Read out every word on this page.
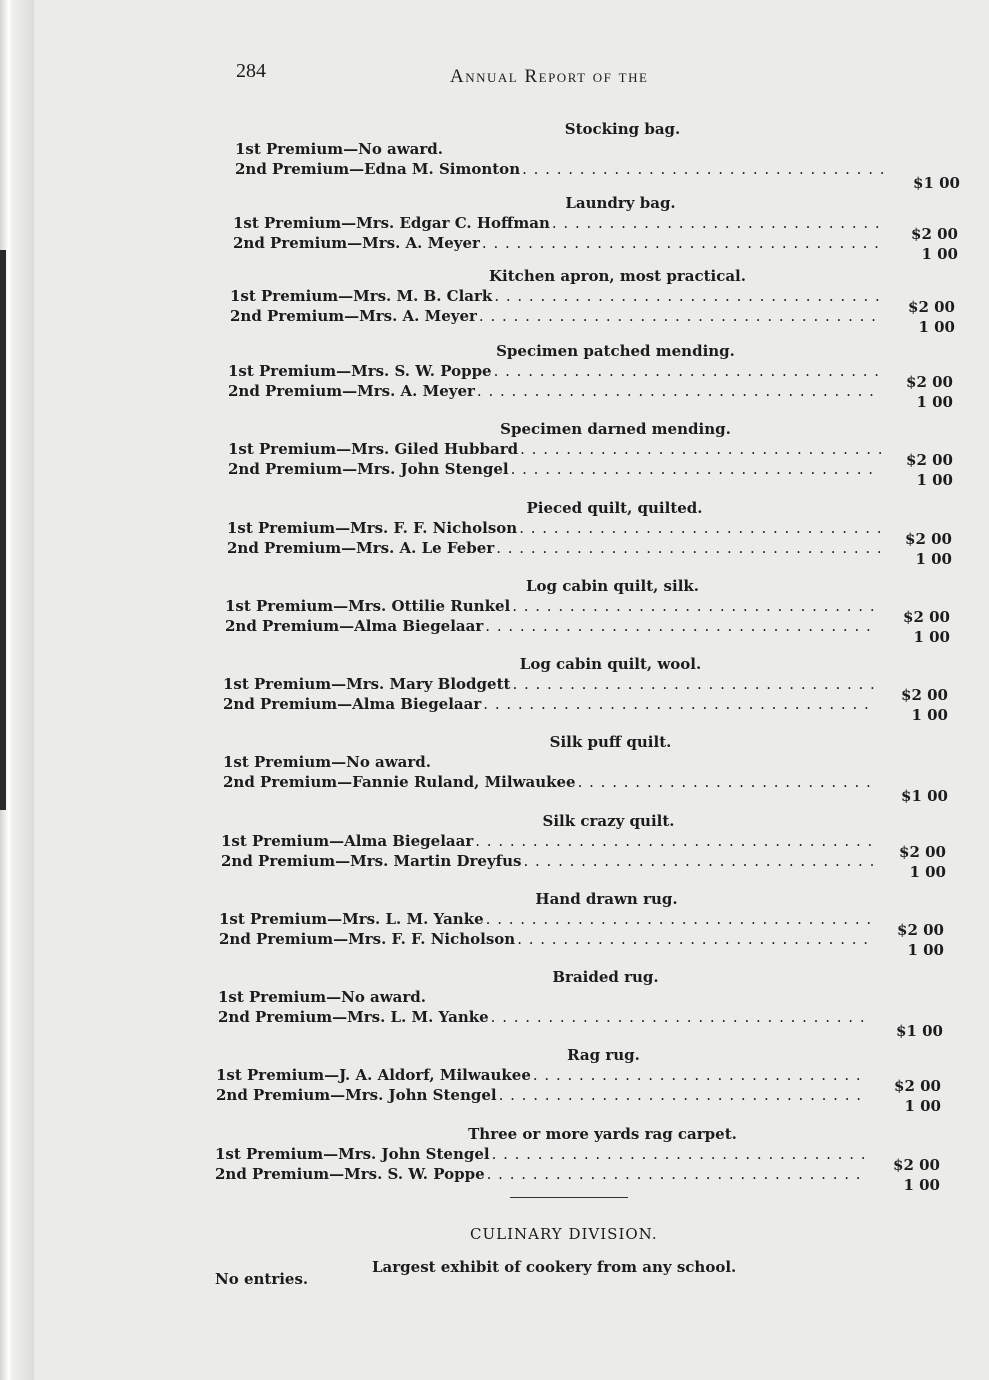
284	Annual Report of the
Stocking bag.
1st Premium—No award.
2nd Premium—Edna M. Simonton
. . .
$1 00
Laundry bag.
1st Premium—Mrs. Edgar C. Hoffman
. . .
$2 00
2nd Premium—Mrs. A. Meyer
. . .
1 00
Kitchen apron, most practical.
1st Premium—Mrs. M. B. Clark
. . .
$2 00
2nd Premium—Mrs. A. Meyer
. . .
1 00
Specimen patched mending.
1st Premium—Mrs. S. W. Poppe
. . .
$2 00
2nd Premium—Mrs. A. Meyer
. . .
1 00
Specimen darned mending.
1st Premium—Mrs. Giled Hubbard
. . .
$2 00
2nd Premium—Mrs. John Stengel
. . .
1 00
Pieced quilt, quilted.
1st Premium—Mrs. F. F. Nicholson
. . .
$2 00
2nd Premium—Mrs. A. Le Feber
. . .
1 00
Log cabin quilt, silk.
1st Premium—Mrs. Ottilie Runkel
. . .
$2 00
2nd Premium—Alma Biegelaar
. . .
1 00
Log cabin quilt, wool.
1st Premium—Mrs. Mary Blodgett
. . .
$2 00
2nd Premium—Alma Biegelaar
. . .
1 00
Silk puff quilt.
1st Premium—No award.
2nd Premium—Fannie Ruland, Milwaukee
. . .
$1 00
Silk crazy quilt.
1st Premium—Alma Biegelaar
. . .
$2 00
2nd Premium—Mrs. Martin Dreyfus
. . .
1 00
Hand drawn rug.
1st Premium—Mrs. L. M. Yanke
. . .
$2 00
2nd Premium—Mrs. F. F. Nicholson
. . .
1 00
Braided rug.
1st Premium—No award.
2nd Premium—Mrs. L. M. Yanke
. . .
$1 00
Rag rug.
1st Premium—J. A. Aldorf, Milwaukee
. . .
$2 00
2nd Premium—Mrs. John Stengel
. . .
1 00
Three or more yards rag carpet.
1st Premium—Mrs. John Stengel
. . .
$2 00
2nd Premium—Mrs. S. W. Poppe
. . .
1 00
CULINARY DIVISION.
Largest exhibit of cookery from any school.
No entries.
